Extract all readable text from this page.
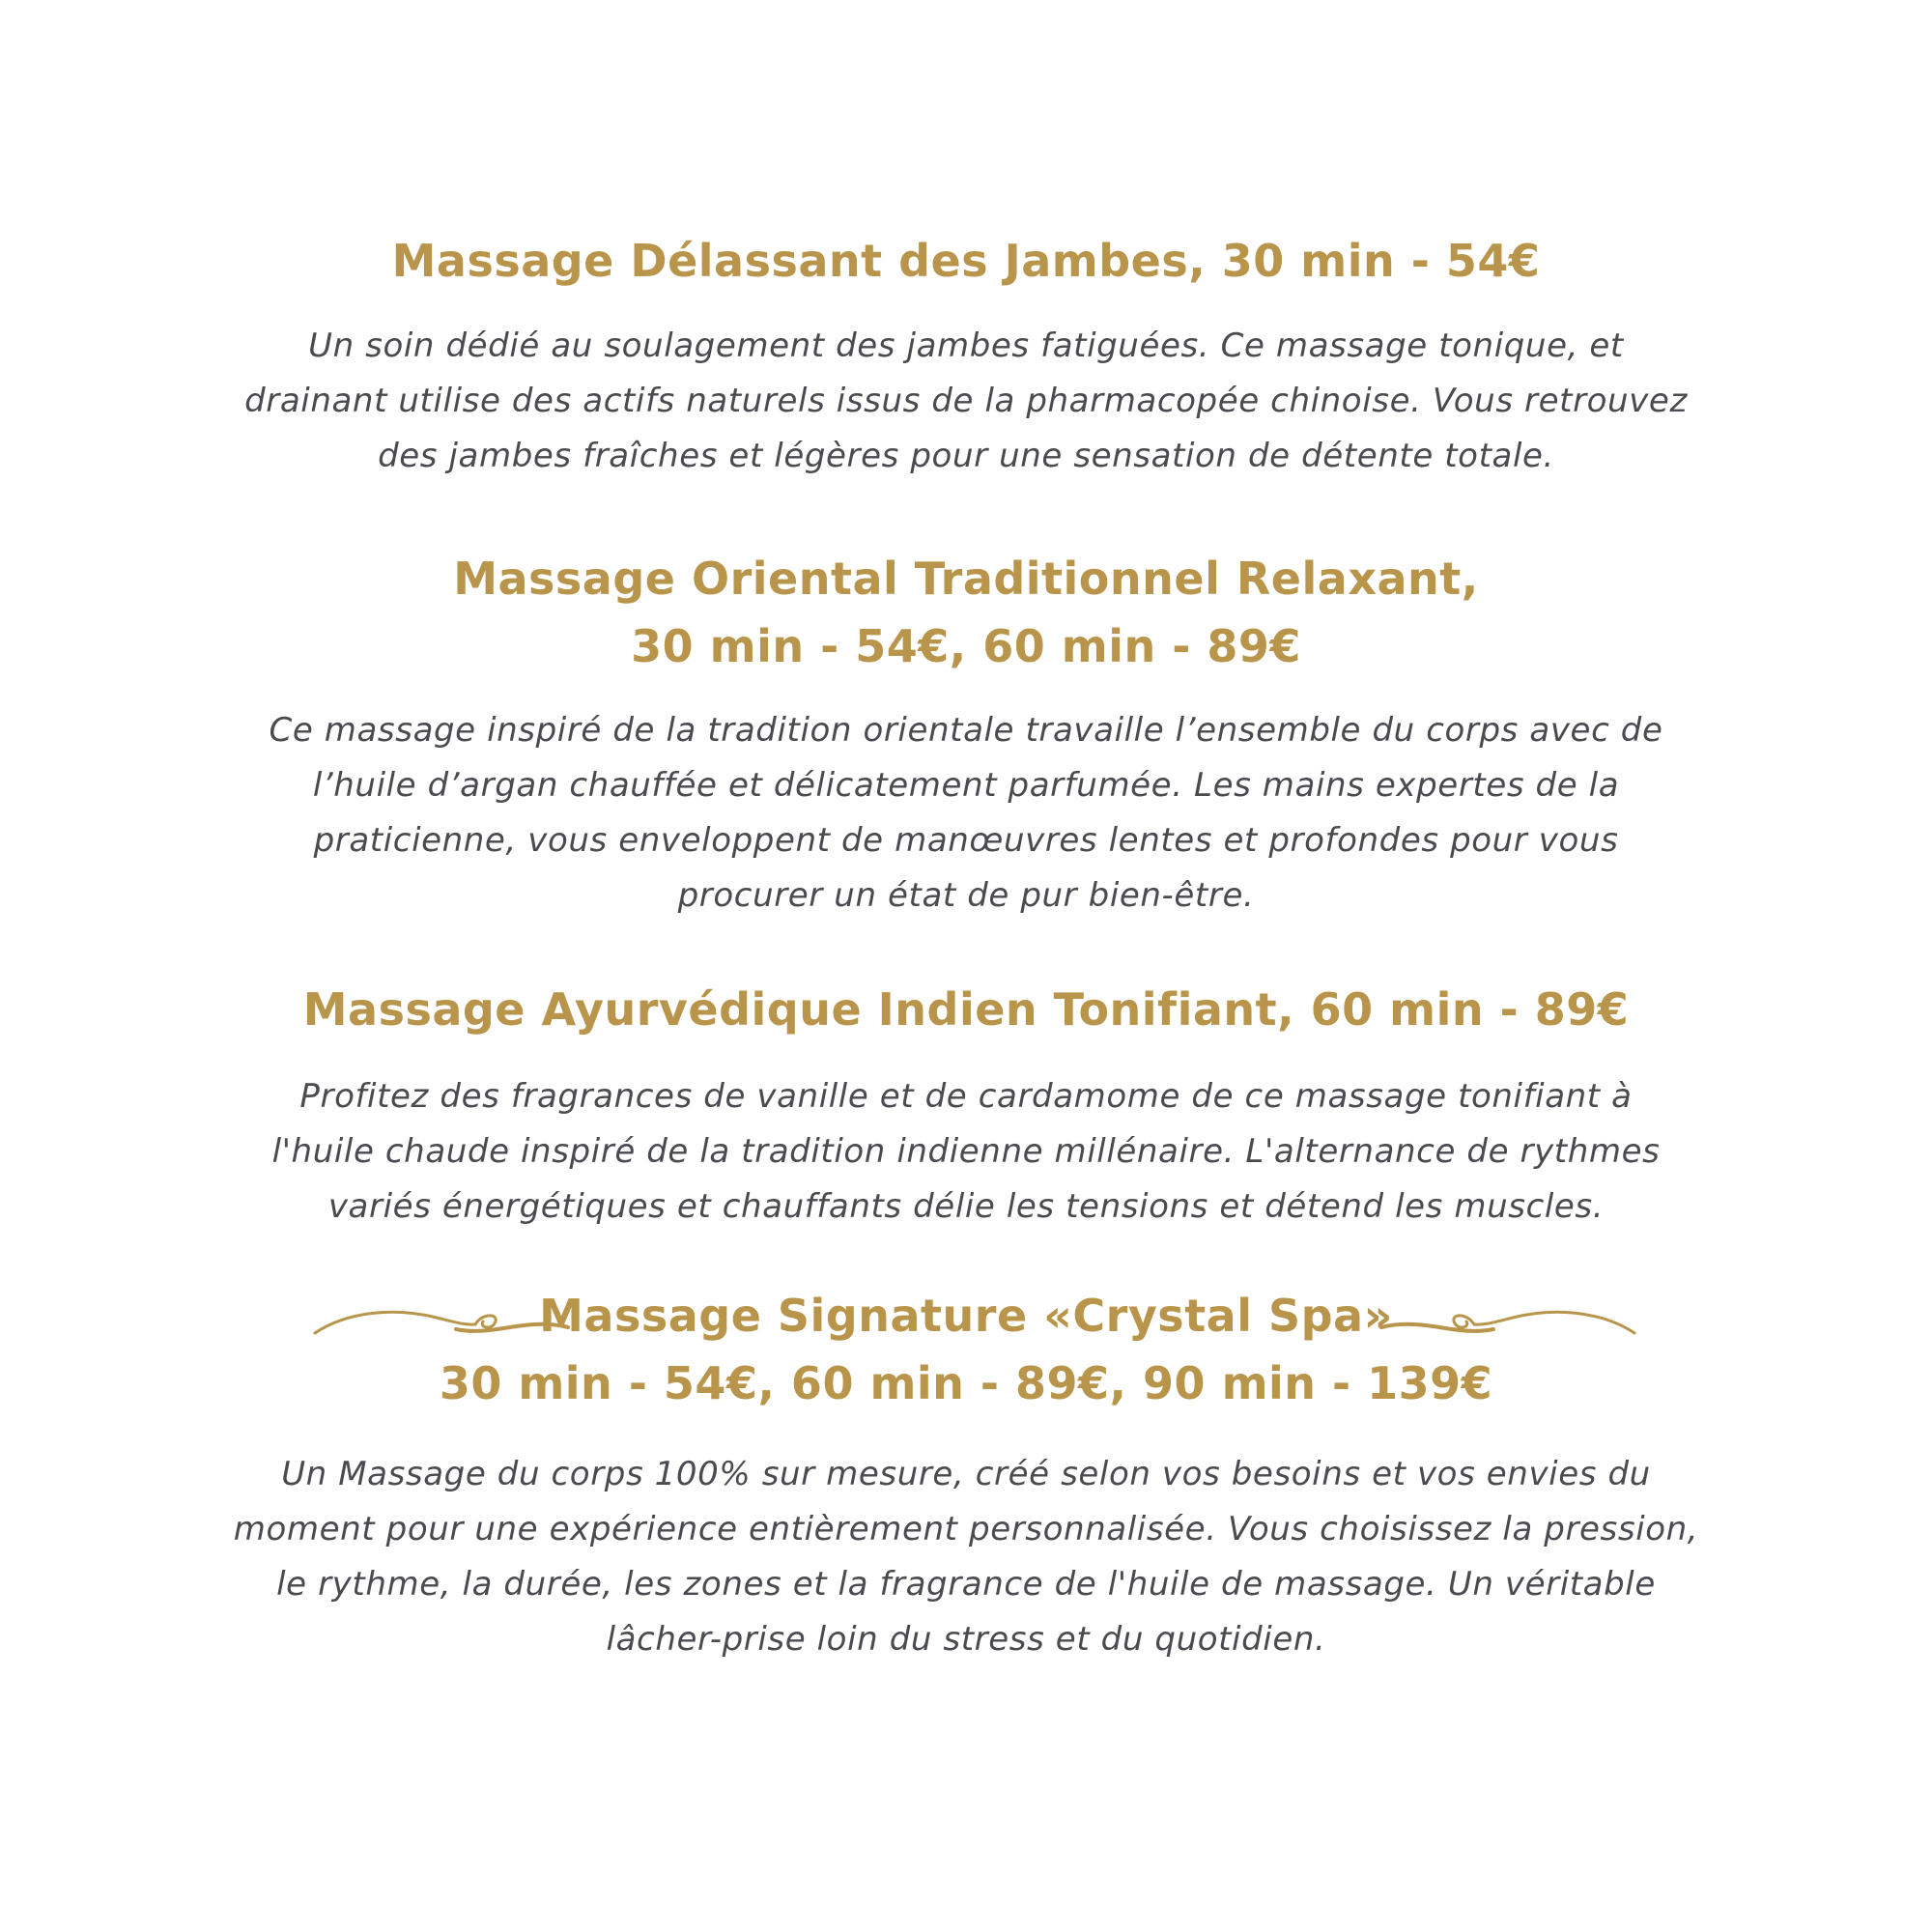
Massage Délassant des Jambes, 30 min - 54€
Un soin dédié au soulagement des jambes fatiguées. Ce massage tonique, et
drainant utilise des actifs naturels issus de la pharmacopée chinoise. Vous retrouvez
des jambes fraîches et légères pour une sensation de détente totale.
Massage Oriental Traditionnel Relaxant,
30 min - 54€, 60 min - 89€
Ce massage inspiré de la tradition orientale travaille l’ensemble du corps avec de
l’huile d’argan chauffée et délicatement parfumée. Les mains expertes de la
praticienne, vous enveloppent de manœuvres lentes et profondes pour vous
procurer un état de pur bien-être.
Massage Ayurvédique Indien Tonifiant, 60 min - 89€
Profitez des fragrances de vanille et de cardamome de ce massage tonifiant à
l'huile chaude inspiré de la tradition indienne millénaire. L'alternance de rythmes
variés énergétiques et chauffants délie les tensions et détend les muscles.
Massage Signature «Crystal Spa»
30 min - 54€, 60 min - 89€, 90 min - 139€
Un Massage du corps 100% sur mesure, créé selon vos besoins et vos envies du
moment pour une expérience entièrement personnalisée. Vous choisissez la pression,
le rythme, la durée, les zones et la fragrance de l'huile de massage. Un véritable
lâcher-prise loin du stress et du quotidien.
